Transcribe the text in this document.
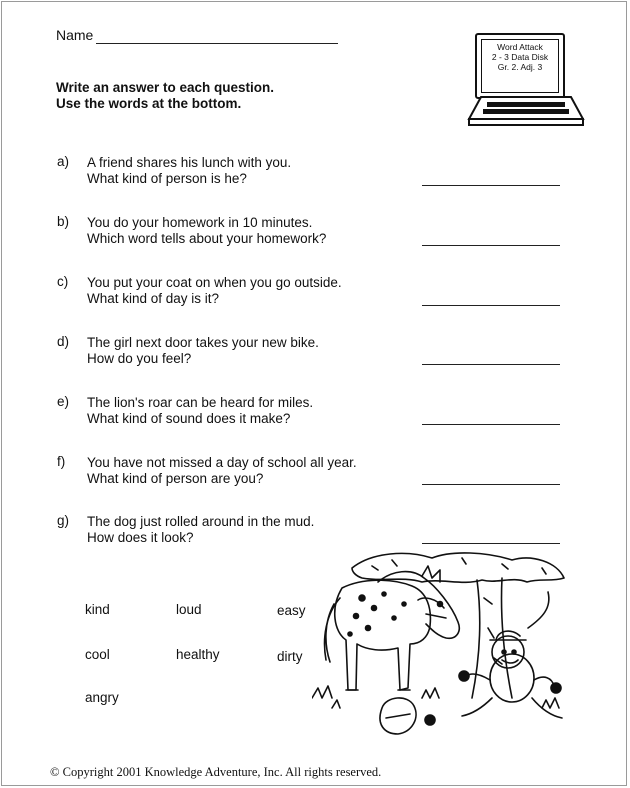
Name
Write an answer to each question.
Use the words at the bottom.
Word Attack
2 - 3 Data Disk
Gr. 2. Adj. 3
a) A friend shares his lunch with you.
What kind of person is he?
b) You do your homework in 10 minutes.
Which word tells about your homework?
c) You put your coat on when you go outside.
What kind of day is it?
d) The girl next door takes your new bike.
How do you feel?
e) The lion's roar can be heard for miles.
What kind of sound does it make?
f) You have not missed a day of school all year.
What kind of person are you?
g) The dog just rolled around in the mud.
How does it look?
kind	loud	easy
cool	healthy	dirty
angry
© Copyright 2001 Knowledge Adventure, Inc. All rights reserved.
